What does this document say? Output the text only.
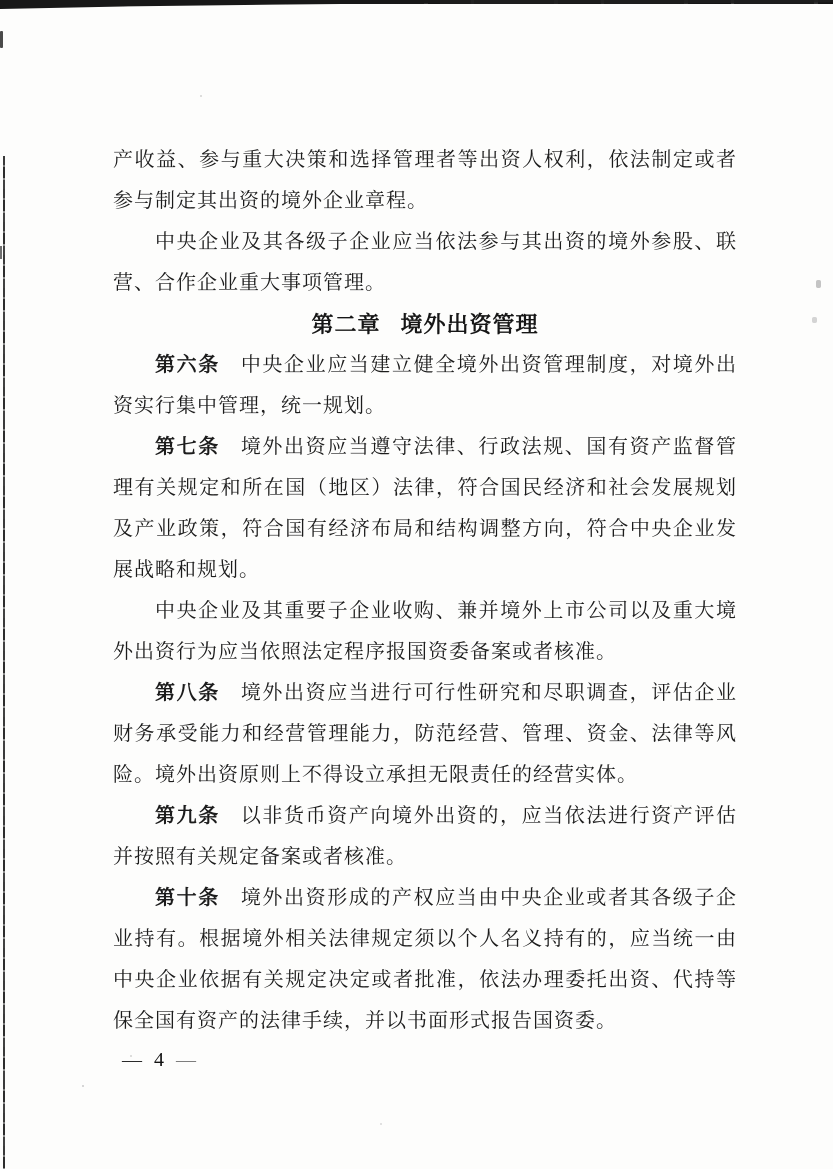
产收益、参与重大决策和选择管理者等出资人权利，依法制定或者参与制定其出资的境外企业章程。

中央企业及其各级子企业应当依法参与其出资的境外参股、联营、合作企业重大事项管理。

第二章 境外出资管理

第六条 中央企业应当建立健全境外出资管理制度，对境外出资实行集中管理，统一规划。

第七条 境外出资应当遵守法律、行政法规、国有资产监督管理有关规定和所在国（地区）法律，符合国民经济和社会发展规划及产业政策，符合国有经济布局和结构调整方向，符合中央企业发展战略和规划。

中央企业及其重要子企业收购、兼并境外上市公司以及重大境外出资行为应当依照法定程序报国资委备案或者核准。

第八条 境外出资应当进行可行性研究和尽职调查，评估企业财务承受能力和经营管理能力，防范经营、管理、资金、法律等风险。境外出资原则上不得设立承担无限责任的经营实体。

第九条 以非货币资产向境外出资的，应当依法进行资产评估并按照有关规定备案或者核准。

第十条 境外出资形成的产权应当由中央企业或者其各级子企业持有。根据境外相关法律规定须以个人名义持有的，应当统一由中央企业依据有关规定决定或者批准，依法办理委托出资、代持等保全国有资产的法律手续，并以书面形式报告国资委。

— 4 —
